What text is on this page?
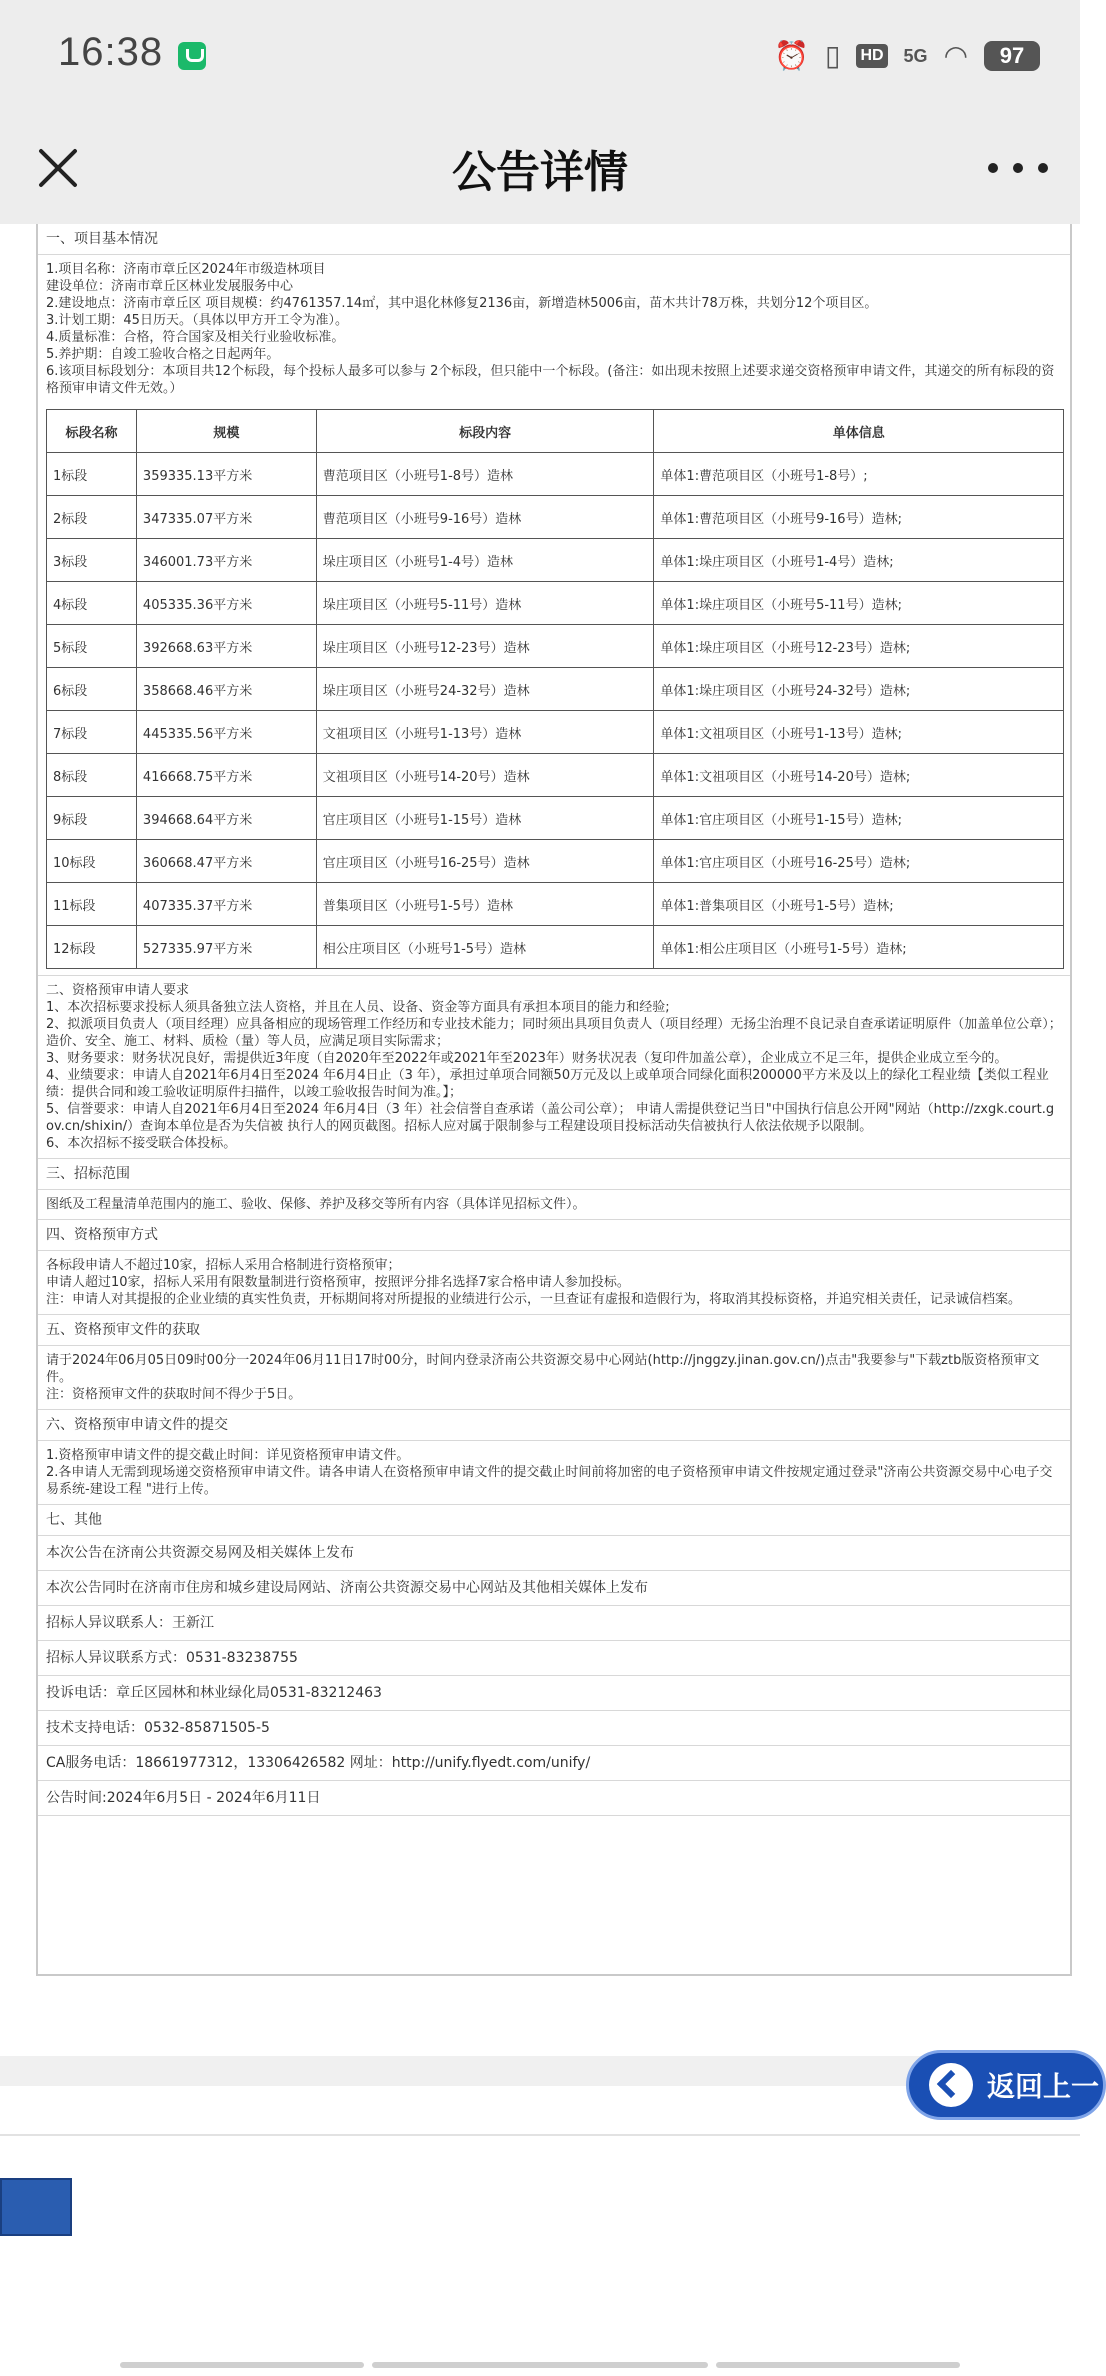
16:38	⏰ ▯ HD 5G ◠	97
公告详情
一、项目基本情况
1.项目名称：济南市章丘区2024年市级造林项目
建设单位：济南市章丘区林业发展服务中心
2.建设地点：济南市章丘区 项目规模：约4761357.14㎡，其中退化林修复2136亩，新增造林5006亩，苗木共计78万株，共划分12个项目区。
3.计划工期：45日历天。（具体以甲方开工令为准）。
4.质量标准：合格，符合国家及相关行业验收标准。
5.养护期：自竣工验收合格之日起两年。
6.该项目标段划分：本项目共12个标段，每个投标人最多可以参与 2个标段，但只能中一个标段。(备注：如出现未按照上述要求递交资格预审申请文件，其递交的所有标段的资格预审申请文件无效。）
标段名称	规模	标段内容	单体信息
1标段	359335.13平方米	曹范项目区（小班号1-8号）造林	单体1:曹范项目区（小班号1-8号）;
2标段	347335.07平方米	曹范项目区（小班号9-16号）造林	单体1:曹范项目区（小班号9-16号）造林;
3标段	346001.73平方米	垛庄项目区（小班号1-4号）造林	单体1:垛庄项目区（小班号1-4号）造林;
4标段	405335.36平方米	垛庄项目区（小班号5-11号）造林	单体1:垛庄项目区（小班号5-11号）造林;
5标段	392668.63平方米	垛庄项目区（小班号12-23号）造林	单体1:垛庄项目区（小班号12-23号）造林;
6标段	358668.46平方米	垛庄项目区（小班号24-32号）造林	单体1:垛庄项目区（小班号24-32号）造林;
7标段	445335.56平方米	文祖项目区（小班号1-13号）造林	单体1:文祖项目区（小班号1-13号）造林;
8标段	416668.75平方米	文祖项目区（小班号14-20号）造林	单体1:文祖项目区（小班号14-20号）造林;
9标段	394668.64平方米	官庄项目区（小班号1-15号）造林	单体1:官庄项目区（小班号1-15号）造林;
10标段	360668.47平方米	官庄项目区（小班号16-25号）造林	单体1:官庄项目区（小班号16-25号）造林;
11标段	407335.37平方米	普集项目区（小班号1-5号）造林	单体1:普集项目区（小班号1-5号）造林;
12标段	527335.97平方米	相公庄项目区（小班号1-5号）造林	单体1:相公庄项目区（小班号1-5号）造林;
二、资格预审申请人要求
1、本次招标要求投标人须具备独立法人资格，并且在人员、设备、资金等方面具有承担本项目的能力和经验;
2、拟派项目负责人（项目经理）应具备相应的现场管理工作经历和专业技术能力；同时须出具项目负责人（项目经理）无扬尘治理不良记录自查承诺证明原件（加盖单位公章）；造价、安全、施工、材料、质检（量）等人员，应满足项目实际需求；
3、财务要求：财务状况良好，需提供近3年度（自2020年至2022年或2021年至2023年）财务状况表（复印件加盖公章），企业成立不足三年，提供企业成立至今的。
4、业绩要求：申请人自2021年6月4日至2024 年6月4日止（3 年），承担过单项合同额50万元及以上或单项合同绿化面积200000平方米及以上的绿化工程业绩【类似工程业绩：提供合同和竣工验收证明原件扫描件，以竣工验收报告时间为准。】；
5、信誉要求：申请人自2021年6月4日至2024 年6月4日（3 年）社会信誉自查承诺（盖公司公章）； 申请人需提供登记当日"中国执行信息公开网"网站（http://zxgk.court.gov.cn/shixin/）查询本单位是否为失信被 执行人的网页截图。招标人应对属于限制参与工程建设项目投标活动失信被执行人依法依规予以限制。
6、本次招标不接受联合体投标。
三、招标范围
图纸及工程量清单范围内的施工、验收、保修、养护及移交等所有内容（具体详见招标文件）。
四、资格预审方式
各标段申请人不超过10家，招标人采用合格制进行资格预审；
申请人超过10家，招标人采用有限数量制进行资格预审，按照评分排名选择7家合格申请人参加投标。
注：申请人对其提报的企业业绩的真实性负责，开标期间将对所提报的业绩进行公示，一旦查证有虚报和造假行为，将取消其投标资格，并追究相关责任，记录诚信档案。
五、资格预审文件的获取
请于2024年06月05日09时00分一2024年06月11日17时00分，时间内登录济南公共资源交易中心网站(http://jnggzy.jinan.gov.cn/)点击"我要参与"下载ztb版资格预审文件。
注：资格预审文件的获取时间不得少于5日。
六、资格预审申请文件的提交
1.资格预审申请文件的提交截止时间：详见资格预审申请文件。
2.各申请人无需到现场递交资格预审申请文件。请各申请人在资格预审申请文件的提交截止时间前将加密的电子资格预审申请文件按规定通过登录"济南公共资源交易中心电子交易系统-建设工程 "进行上传。
七、其他
本次公告在济南公共资源交易网及相关媒体上发布
本次公告同时在济南市住房和城乡建设局网站、济南公共资源交易中心网站及其他相关媒体上发布
招标人异议联系人：王新江
招标人异议联系方式：0531-83238755
投诉电话：章丘区园林和林业绿化局0531-83212463
技术支持电话：0532-85871505-5
CA服务电话：18661977312，13306426582 网址：http://unify.flyedt.com/unify/
公告时间:2024年6月5日 - 2024年6月11日
返回上一
